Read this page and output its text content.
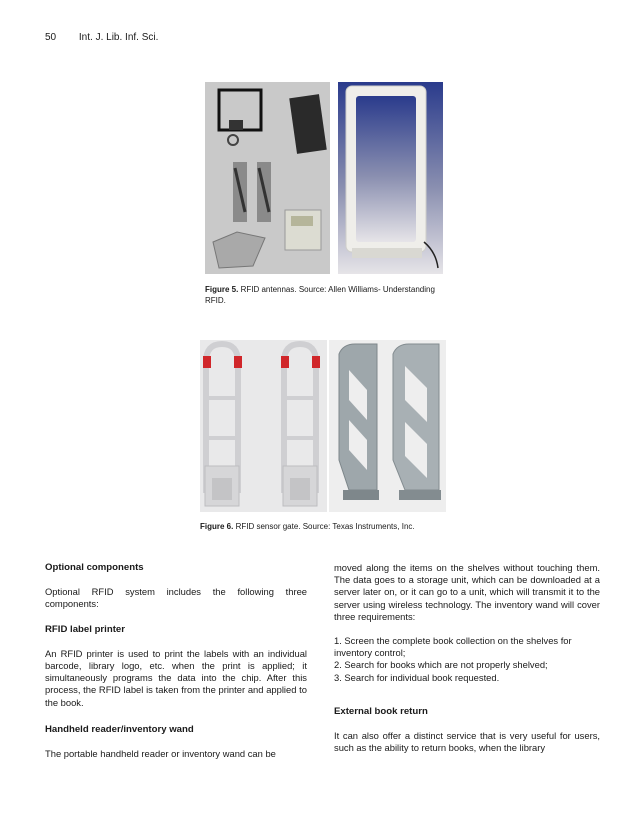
50 Int. J. Lib. Inf. Sci.
Figure 5. RFID antennas. Source: Allen Williams- Understanding RFID.
Figure 6. RFID sensor gate. Source: Texas Instruments, Inc.
Optional components

Optional RFID system includes the following three components:

RFID label printer

An RFID printer is used to print the labels with an individual barcode, library logo, etc. when the print is applied; it simultaneously programs the data into the chip. After this process, the RFID label is taken from the printer and applied to the book.

Handheld reader/inventory wand

The portable handheld reader or inventory wand can be

moved along the items on the shelves without touching them. The data goes to a storage unit, which can be downloaded at a server later on, or it can go to a unit, which will transmit it to the server using wireless technology. The inventory wand will cover three requirements:

1. Screen the complete book collection on the shelves for inventory control;
2. Search for books which are not properly shelved;
3. Search for individual book requested.
External book return

It can also offer a distinct service that is very useful for users, such as the ability to return books, when the library
